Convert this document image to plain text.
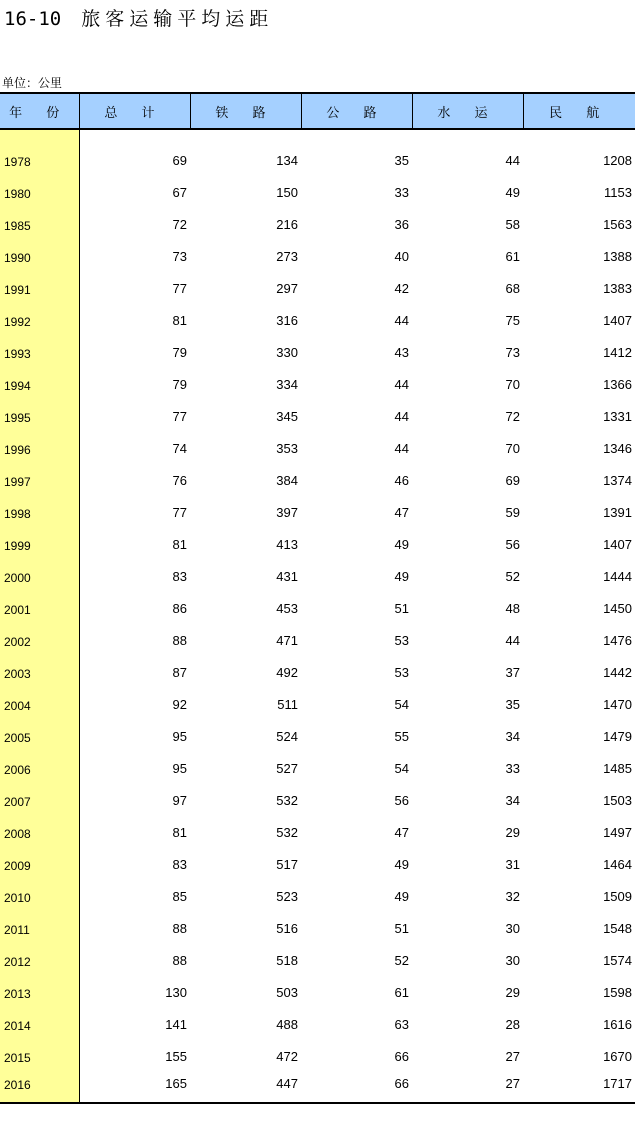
16-10 旅客运输平均运距
单位：公里
年 份	总 计	铁 路	公 路	水 运	民 航
1978	69	134	35	44	1208
1980	67	150	33	49	1153
1985	72	216	36	58	1563
1990	73	273	40	61	1388
1991	77	297	42	68	1383
1992	81	316	44	75	1407
1993	79	330	43	73	1412
1994	79	334	44	70	1366
1995	77	345	44	72	1331
1996	74	353	44	70	1346
1997	76	384	46	69	1374
1998	77	397	47	59	1391
1999	81	413	49	56	1407
2000	83	431	49	52	1444
2001	86	453	51	48	1450
2002	88	471	53	44	1476
2003	87	492	53	37	1442
2004	92	511	54	35	1470
2005	95	524	55	34	1479
2006	95	527	54	33	1485
2007	97	532	56	34	1503
2008	81	532	47	29	1497
2009	83	517	49	31	1464
2010	85	523	49	32	1509
2011	88	516	51	30	1548
2012	88	518	52	30	1574
2013	130	503	61	29	1598
2014	141	488	63	28	1616
2015	155	472	66	27	1670
2016	165	447	66	27	1717
